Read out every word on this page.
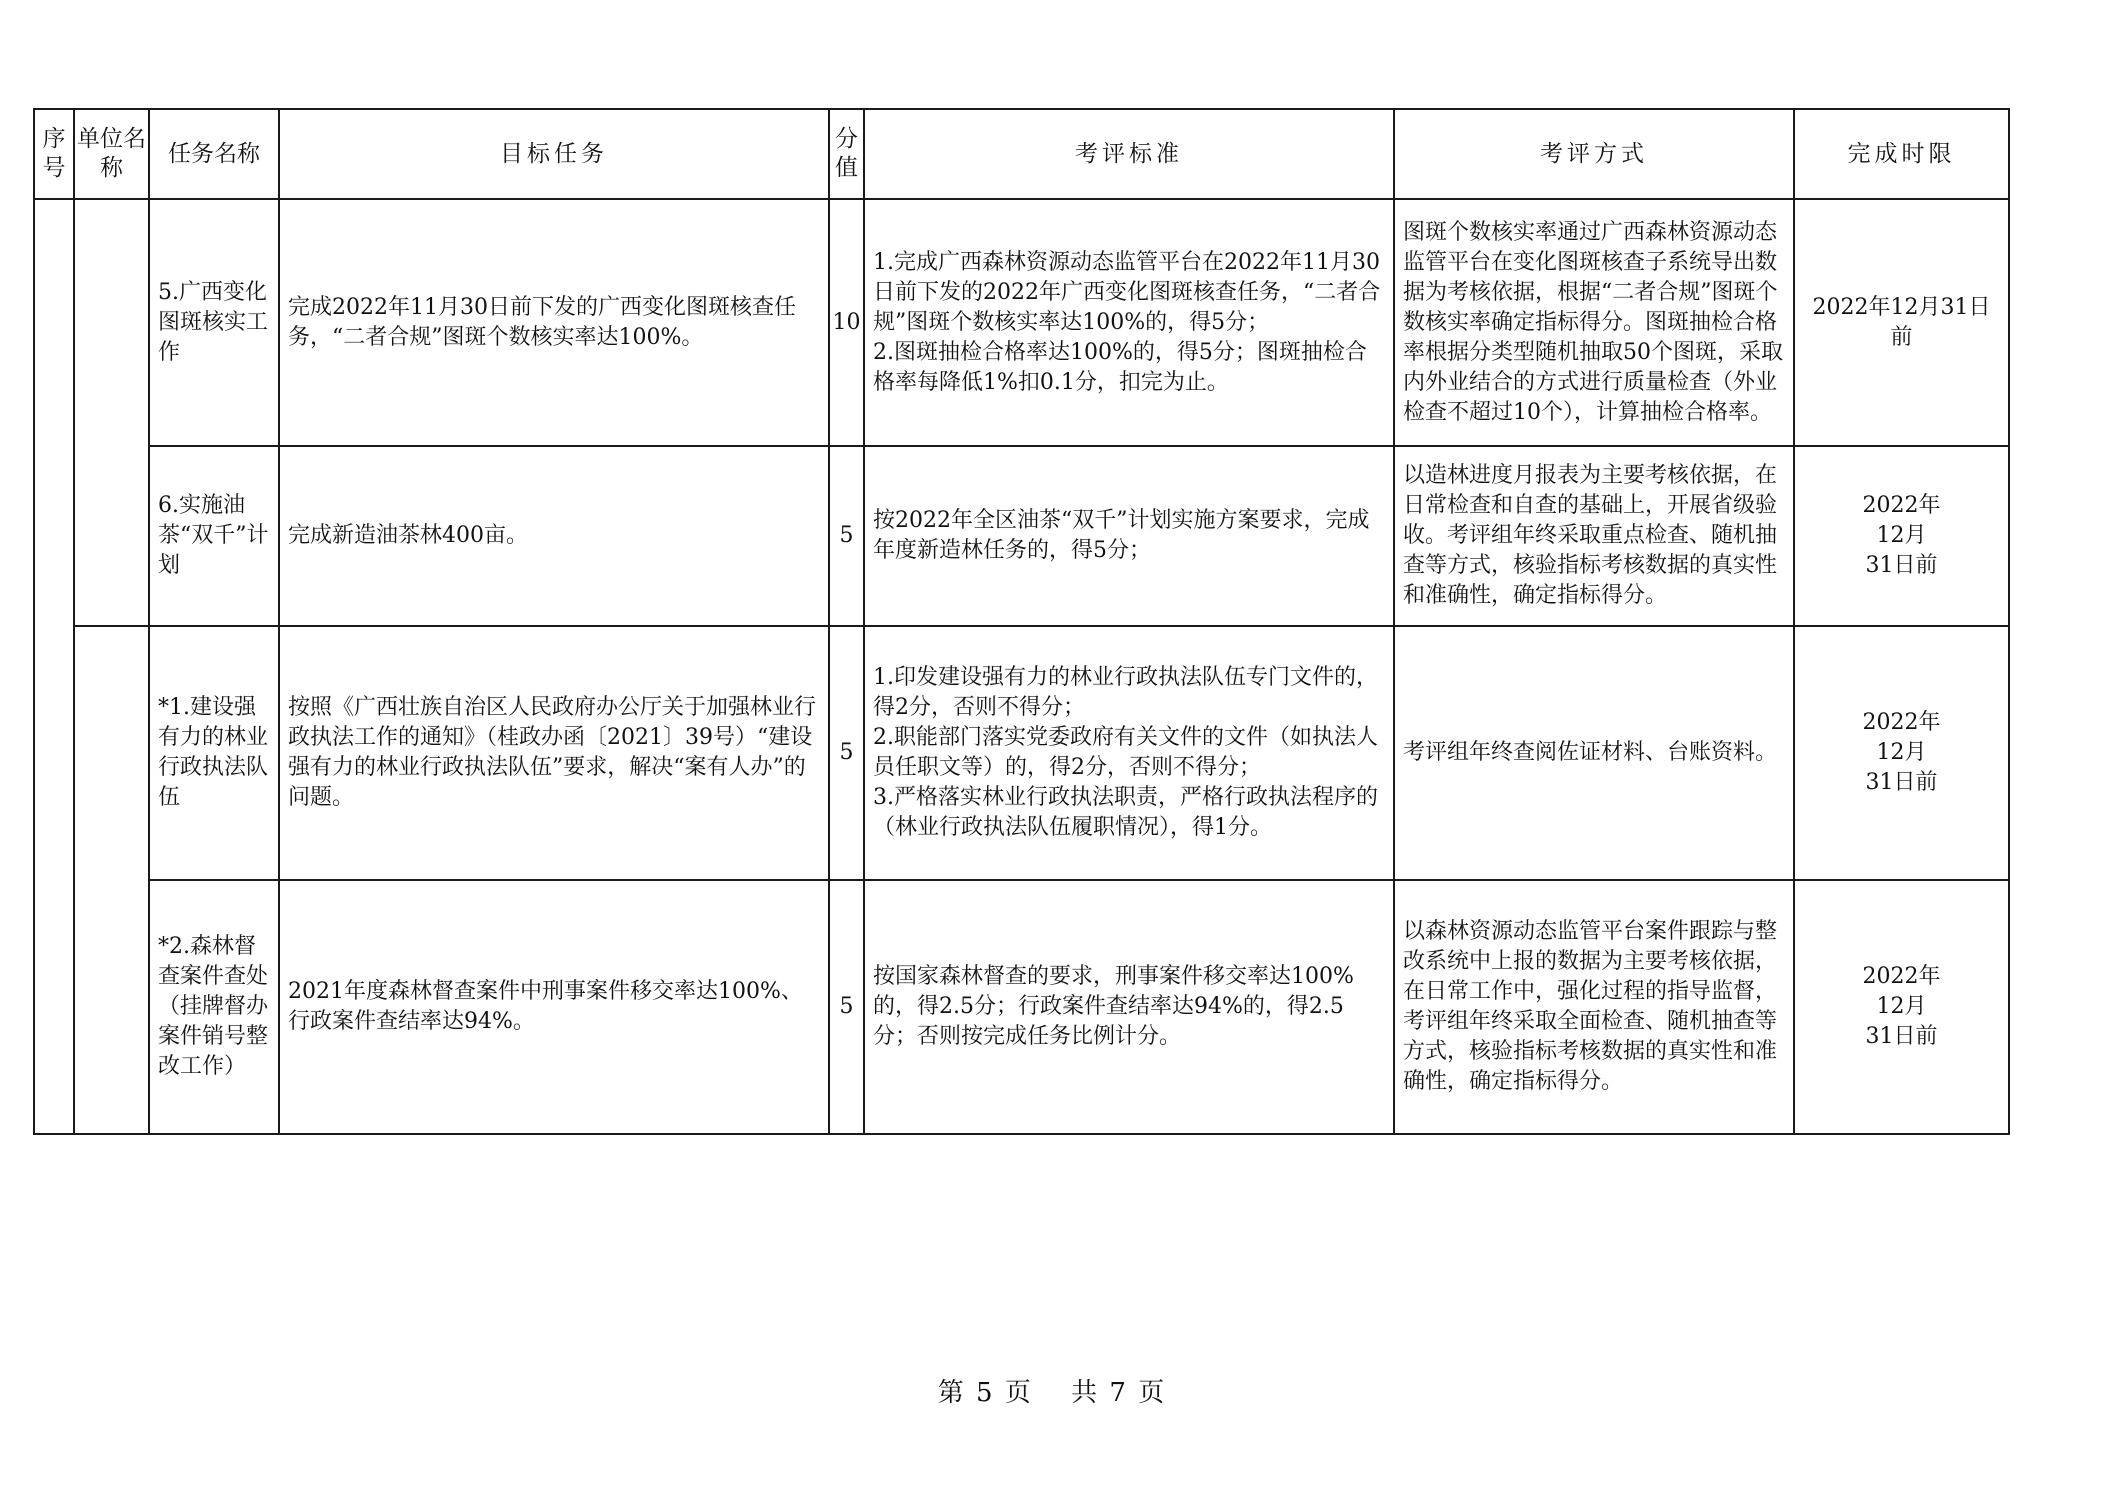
序号	单位名称	任务名称	目标任务	分值	考评标准	考评方式	完成时限
		5.广西变化图斑核实工作	完成2022年11月30日前下发的广西变化图斑核查任务，“二者合规”图斑个数核实率达100%。	10	1.完成广西森林资源动态监管平台在2022年11月30日前下发的2022年广西变化图斑核查任务，“二者合规”图斑个数核实率达100%的，得5分；
2.图斑抽检合格率达100%的，得5分；图斑抽检合格率每降低1%扣0.1分，扣完为止。	图斑个数核实率通过广西森林资源动态监管平台在变化图斑核查子系统导出数据为考核依据，根据“二者合规”图斑个数核实率确定指标得分。图斑抽检合格率根据分类型随机抽取50个图斑，采取内外业结合的方式进行质量检查（外业检查不超过10个），计算抽检合格率。	2022年12月31日前
		6.实施油茶“双千”计划	完成新造油茶林400亩。	5	按2022年全区油茶“双千”计划实施方案要求，完成年度新造林任务的，得5分；	以造林进度月报表为主要考核依据，在日常检查和自查的基础上，开展省级验收。考评组年终采取重点检查、随机抽查等方式，核验指标考核数据的真实性和准确性，确定指标得分。	2022年
12月
31日前
		*1.建设强有力的林业行政执法队伍	按照《广西壮族自治区人民政府办公厅关于加强林业行政执法工作的通知》（桂政办函〔2021〕39号）“建设强有力的林业行政执法队伍”要求，解决“案有人办”的问题。	5	1.印发建设强有力的林业行政执法队伍专门文件的，得2分，否则不得分；
2.职能部门落实党委政府有关文件的文件（如执法人员任职文等）的，得2分，否则不得分；
3.严格落实林业行政执法职责，严格行政执法程序的（林业行政执法队伍履职情况），得1分。	考评组年终查阅佐证材料、台账资料。	2022年
12月
31日前
		*2.森林督查案件查处（挂牌督办案件销号整改工作）	2021年度森林督查案件中刑事案件移交率达100%、行政案件查结率达94%。	5	按国家森林督查的要求，刑事案件移交率达100%的，得2.5分；行政案件查结率达94%的，得2.5分；否则按完成任务比例计分。	以森林资源动态监管平台案件跟踪与整改系统中上报的数据为主要考核依据，在日常工作中，强化过程的指导监督，考评组年终采取全面检查、随机抽查等方式，核验指标考核数据的真实性和准确性，确定指标得分。	2022年
12月
31日前
第 5 页 共 7 页
